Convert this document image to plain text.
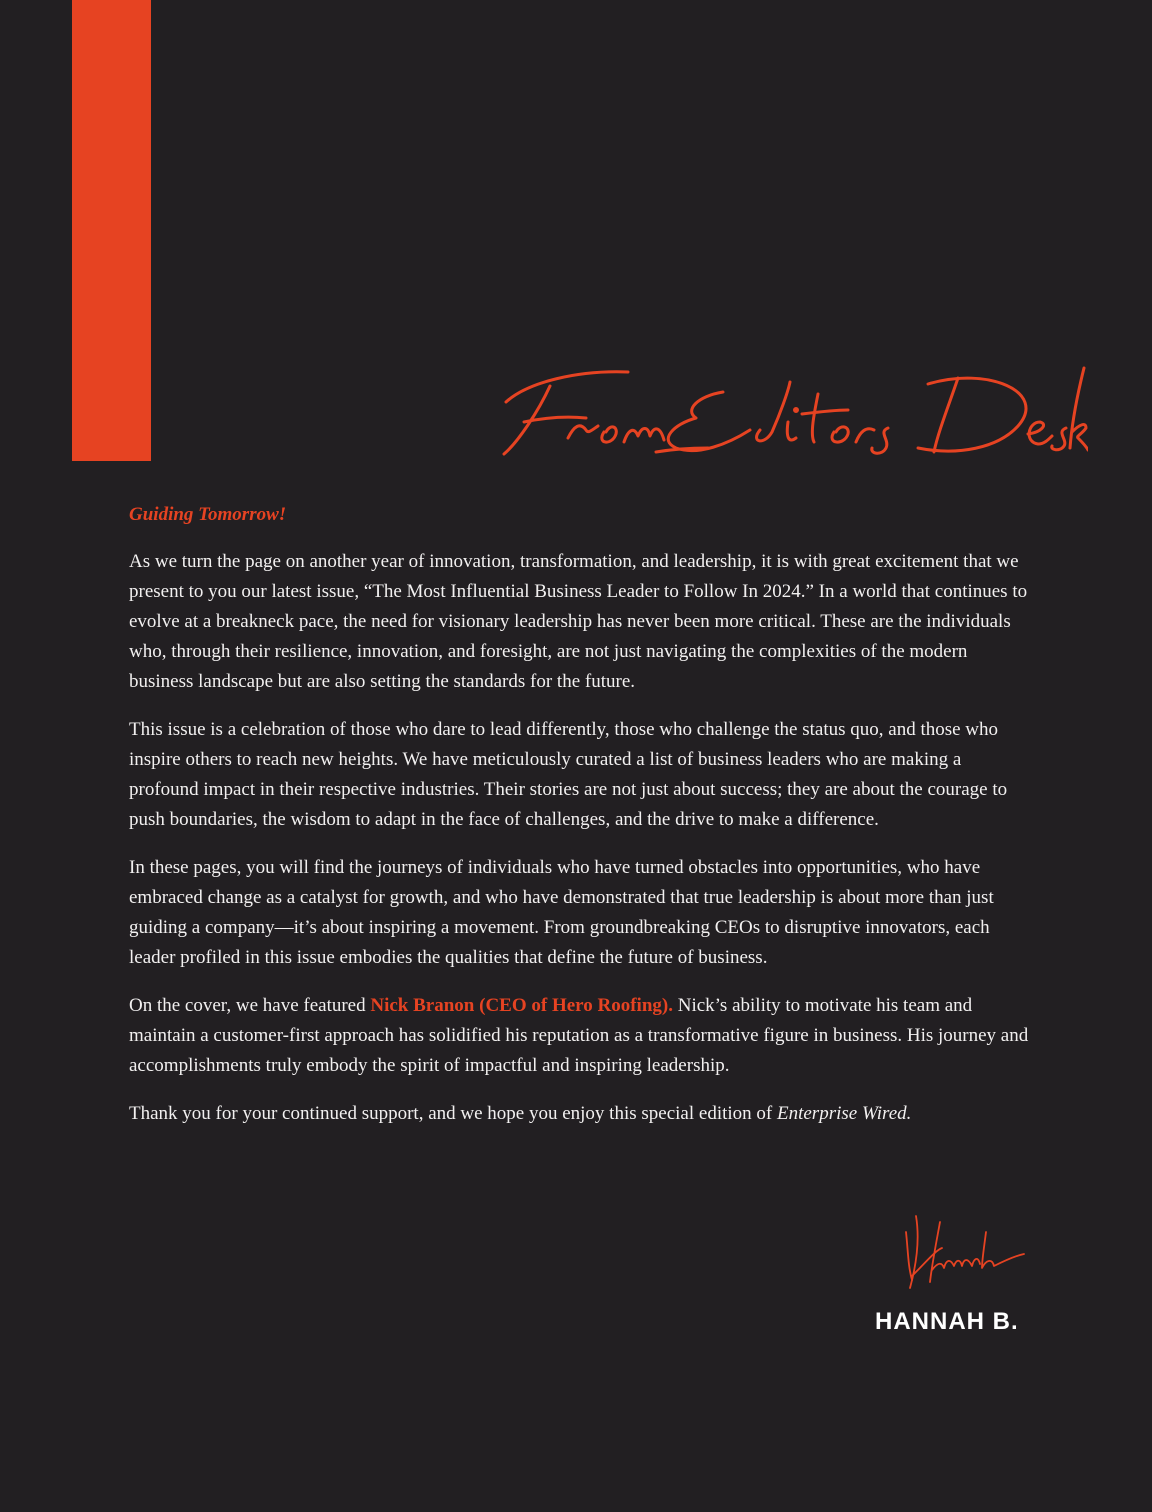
Guiding Tomorrow!

As we turn the page on another year of innovation, transformation, and leadership, it is with great excitement that we present to you our latest issue, “The Most Influential Business Leader to Follow In 2024.” In a world that continues to evolve at a breakneck pace, the need for visionary leadership has never been more critical. These are the individuals who, through their resilience, innovation, and foresight, are not just navigating the complexities of the modern business landscape but are also setting the standards for the future.

This issue is a celebration of those who dare to lead differently, those who challenge the status quo, and those who inspire others to reach new heights. We have meticulously curated a list of business leaders who are making a profound impact in their respective industries. Their stories are not just about success; they are about the courage to push boundaries, the wisdom to adapt in the face of challenges, and the drive to make a difference.

In these pages, you will find the journeys of individuals who have turned obstacles into opportunities, who have embraced change as a catalyst for growth, and who have demonstrated that true leadership is about more than just guiding a company—it’s about inspiring a movement. From groundbreaking CEOs to disruptive innovators, each leader profiled in this issue embodies the qualities that define the future of business.

On the cover, we have featured Nick Branon (CEO of Hero Roofing). Nick’s ability to motivate his team and maintain a customer-first approach has solidified his reputation as a transformative figure in business. His journey and accomplishments truly embody the spirit of impactful and inspiring leadership.

Thank you for your continued support, and we hope you enjoy this special edition of Enterprise Wired.

HANNAH B.
